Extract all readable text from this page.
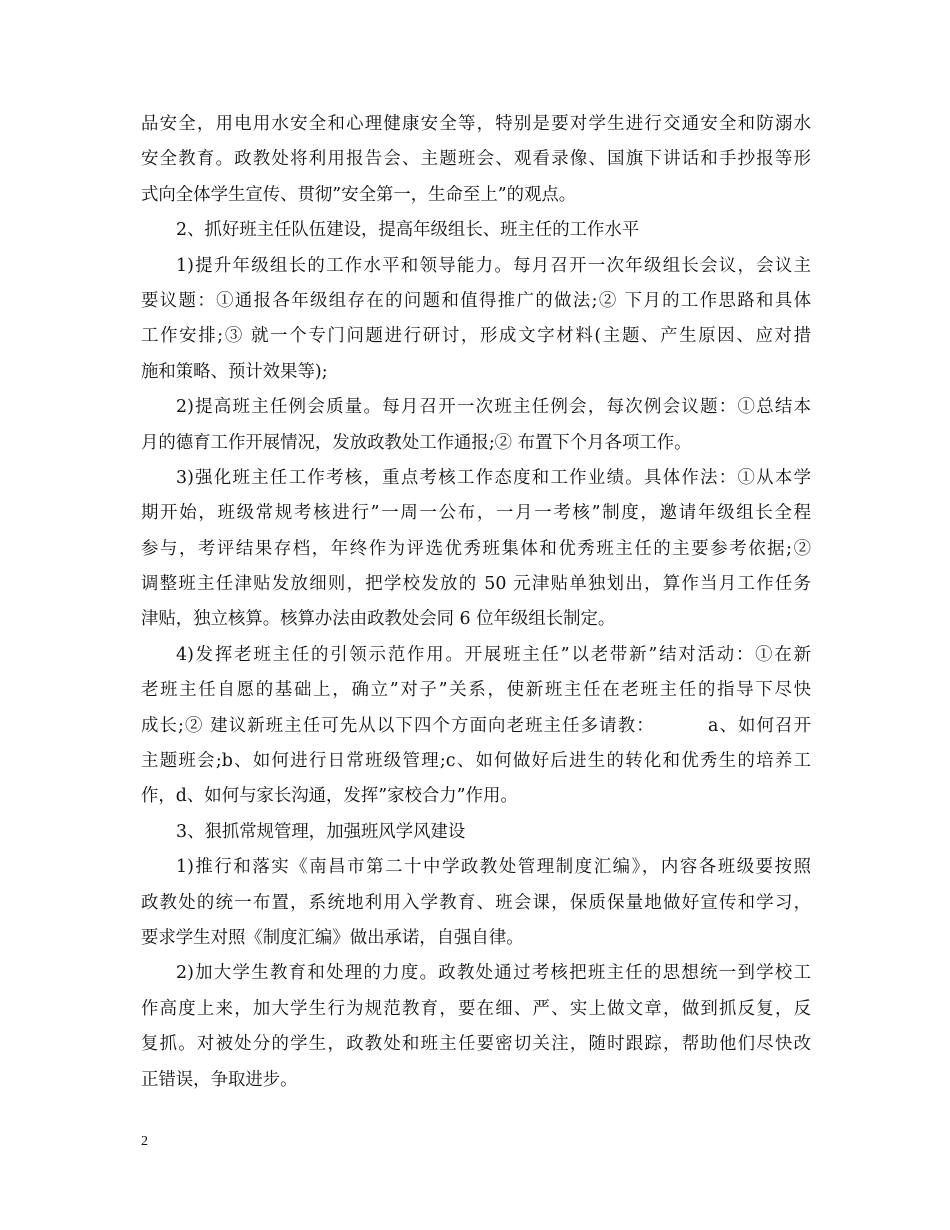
品安全，用电用水安全和心理健康安全等，特别是要对学生进行交通安全和防溺水
安全教育。政教处将利用报告会、主题班会、观看录像、国旗下讲话和手抄报等形
式向全体学生宣传、贯彻”安全第一，生命至上”的观点。
2、抓好班主任队伍建设，提高年级组长、班主任的工作水平
1)提升年级组长的工作水平和领导能力。每月召开一次年级组长会议，会议主
要议题：①通报各年级组存在的问题和值得推广的做法;② 下月的工作思路和具体
工作安排;③ 就一个专门问题进行研讨，形成文字材料(主题、产生原因、应对措
施和策略、预计效果等);
2)提高班主任例会质量。每月召开一次班主任例会，每次例会议题：①总结本
月的德育工作开展情况，发放政教处工作通报;② 布置下个月各项工作。
3)强化班主任工作考核，重点考核工作态度和工作业绩。具体作法：①从本学
期开始，班级常规考核进行”一周一公布，一月一考核”制度，邀请年级组长全程
参与，考评结果存档，年终作为评选优秀班集体和优秀班主任的主要参考依据;②
调整班主任津贴发放细则，把学校发放的 50 元津贴单独划出，算作当月工作任务
津贴，独立核算。核算办法由政教处会同 6 位年级组长制定。
4)发挥老班主任的引领示范作用。开展班主任”以老带新”结对活动：①在新
老班主任自愿的基础上，确立”对子”关系，使新班主任在老班主任的指导下尽快
成长;② 建议新班主任可先从以下四个方面向老班主任多请教：        a、如何召开
主题班会;b、如何进行日常班级管理;c、如何做好后进生的转化和优秀生的培养工
作，d、如何与家长沟通，发挥”家校合力”作用。
3、狠抓常规管理，加强班风学风建设
1)推行和落实《南昌市第二十中学政教处管理制度汇编》，内容各班级要按照
政教处的统一布置，系统地利用入学教育、班会课，保质保量地做好宣传和学习，
要求学生对照《制度汇编》做出承诺，自强自律。
2)加大学生教育和处理的力度。政教处通过考核把班主任的思想统一到学校工
作高度上来，加大学生行为规范教育，要在细、严、实上做文章，做到抓反复，反
复抓。对被处分的学生，政教处和班主任要密切关注，随时跟踪，帮助他们尽快改
正错误，争取进步。
2
